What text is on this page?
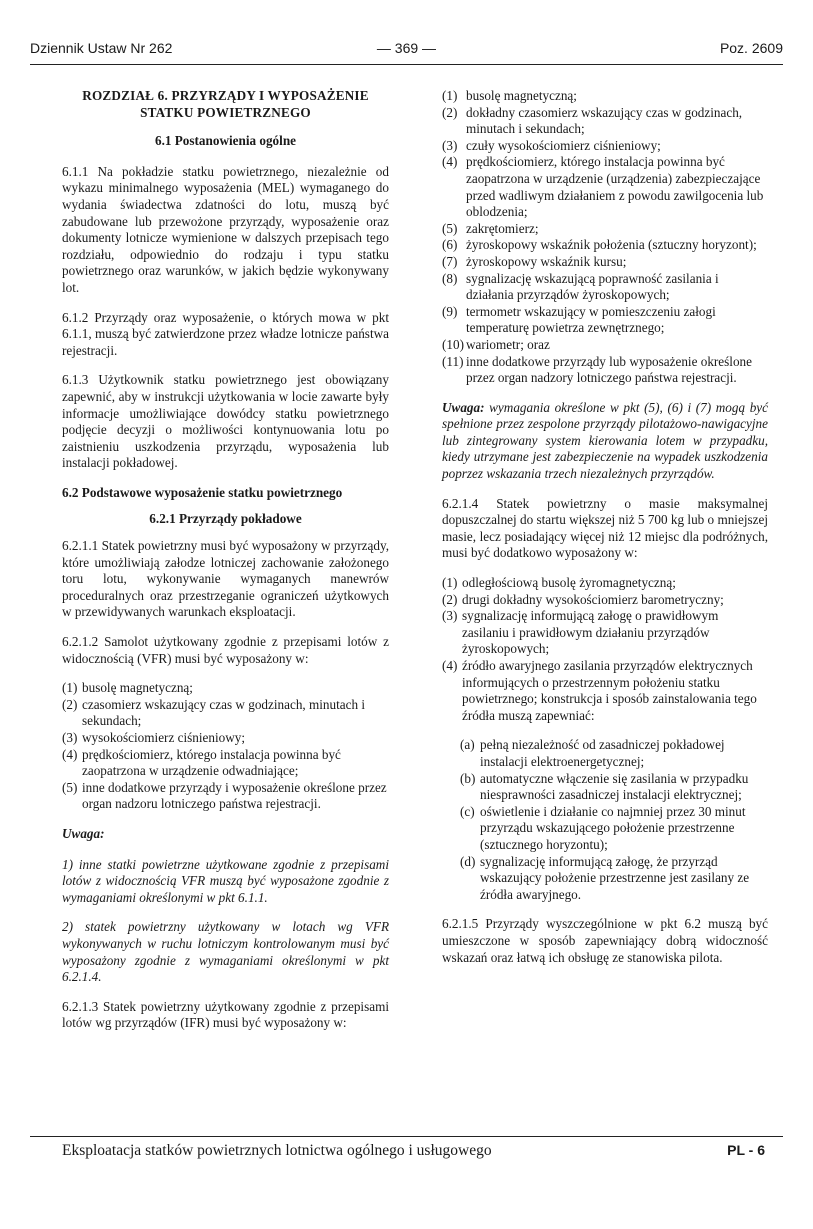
Dziennik Ustaw Nr 262	— 369 —	Poz. 2609
ROZDZIAŁ 6. PRZYRZĄDY I WYPOSAŻENIE
STATKU POWIETRZNEGO
6.1 Postanowienia ogólne

6.1.1 Na pokładzie statku powietrznego, niezależnie od wykazu minimalnego wyposażenia (MEL) wymaganego do wydania świadectwa zdatności do lotu, muszą być zabudowane lub przewożone przyrządy, wyposażenie oraz dokumenty lotnicze wymienione w dalszych przepisach tego rozdziału, odpowiednio do rodzaju i typu statku powietrznego oraz warunków, w jakich będzie wykonywany lot.

6.1.2 Przyrządy oraz wyposażenie, o których mowa w pkt 6.1.1, muszą być zatwierdzone przez władze lotnicze państwa rejestracji.

6.1.3 Użytkownik statku powietrznego jest obowiązany zapewnić, aby w instrukcji użytkowania w locie zawarte były informacje umożliwiające dowódcy statku powietrznego podjęcie decyzji o możliwości kontynuowania lotu po zaistnieniu uszkodzenia przyrządu, wyposażenia lub instalacji pokładowej.

6.2 Podstawowe wyposażenie statku powietrznego
6.2.1 Przyrządy pokładowe

6.2.1.1 Statek powietrzny musi być wyposażony w przyrządy, które umożliwiają załodze lotniczej zachowanie założonego toru lotu, wykonywanie wymaganych manewrów proceduralnych oraz przestrzeganie ograniczeń użytkowych w przewidywanych warunkach eksploatacji.

6.2.1.2 Samolot użytkowany zgodnie z przepisami lotów z widocznością (VFR) musi być wyposażony w:

(1) busolę magnetyczną;
(2) czasomierz wskazujący czas w godzinach, minutach i sekundach;
(3) wysokościomierz ciśnieniowy;
(4) prędkościomierz, którego instalacja powinna być zaopatrzona w urządzenie odwadniające;
(5) inne dodatkowe przyrządy i wyposażenie określone przez organ nadzoru lotniczego państwa rejestracji.
Uwaga:

1) inne statki powietrzne użytkowane zgodnie z przepisami lotów z widocznością VFR muszą być wyposażone zgodnie z wymaganiami określonymi w pkt 6.1.1.

2) statek powietrzny użytkowany w lotach wg VFR wykonywanych w ruchu lotniczym kontrolowanym musi być wyposażony zgodnie z wymaganiami określonymi w pkt 6.2.1.4.

6.2.1.3 Statek powietrzny użytkowany zgodnie z przepisami lotów wg przyrządów (IFR) musi być wyposażony w:

(1) busolę magnetyczną;
(2) dokładny czasomierz wskazujący czas w godzinach, minutach i sekundach;
(3) czuły wysokościomierz ciśnieniowy;
(4) prędkościomierz, którego instalacja powinna być zaopatrzona w urządzenie (urządzenia) zabezpieczające przed wadliwym działaniem z powodu zawilgocenia lub oblodzenia;
(5) zakrętomierz;
(6) żyroskopowy wskaźnik położenia (sztuczny horyzont);
(7) żyroskopowy wskaźnik kursu;
(8) sygnalizację wskazującą poprawność zasilania i działania przyrządów żyroskopowych;
(9) termometr wskazujący w pomieszczeniu załogi temperaturę powietrza zewnętrznego;
(10) wariometr; oraz
(11) inne dodatkowe przyrządy lub wyposażenie określone przez organ nadzory lotniczego państwa rejestracji.

Uwaga: wymagania określone w pkt (5), (6) i (7) mogą być spełnione przez zespolone przyrządy pilotażowo-nawigacyjne lub zintegrowany system kierowania lotem w przypadku, kiedy utrzymane jest zabezpieczenie na wypadek uszkodzenia poprzez wskazania trzech niezależnych przyrządów.

6.2.1.4 Statek powietrzny o masie maksymalnej dopuszczalnej do startu większej niż 5 700 kg lub o mniejszej masie, lecz posiadający więcej niż 12 miejsc dla podróżnych, musi być dodatkowo wyposażony w:

(1) odległościową busolę żyromagnetyczną;
(2) drugi dokładny wysokościomierz barometryczny;
(3) sygnalizację informującą załogę o prawidłowym zasilaniu i prawidłowym działaniu przyrządów żyroskopowych;
(4) źródło awaryjnego zasilania przyrządów elektrycznych informujących o przestrzennym położeniu statku powietrznego; konstrukcja i sposób zainstalowania tego źródła muszą zapewniać:
(a) pełną niezależność od zasadniczej pokładowej instalacji elektroenergetycznej;
(b) automatyczne włączenie się zasilania w przypadku niesprawności zasadniczej instalacji elektrycznej;
(c) oświetlenie i działanie co najmniej przez 30 minut przyrządu wskazującego położenie przestrzenne (sztucznego horyzontu);
(d) sygnalizację informującą załogę, że przyrząd wskazujący położenie przestrzenne jest zasilany ze źródła awaryjnego.

6.2.1.5 Przyrządy wyszczególnione w pkt 6.2 muszą być umieszczone w sposób zapewniający dobrą widoczność wskazań oraz łatwą ich obsługę ze stanowiska pilota.

Eksploatacja statków powietrznych lotnictwa ogólnego i usługowego	PL - 6
